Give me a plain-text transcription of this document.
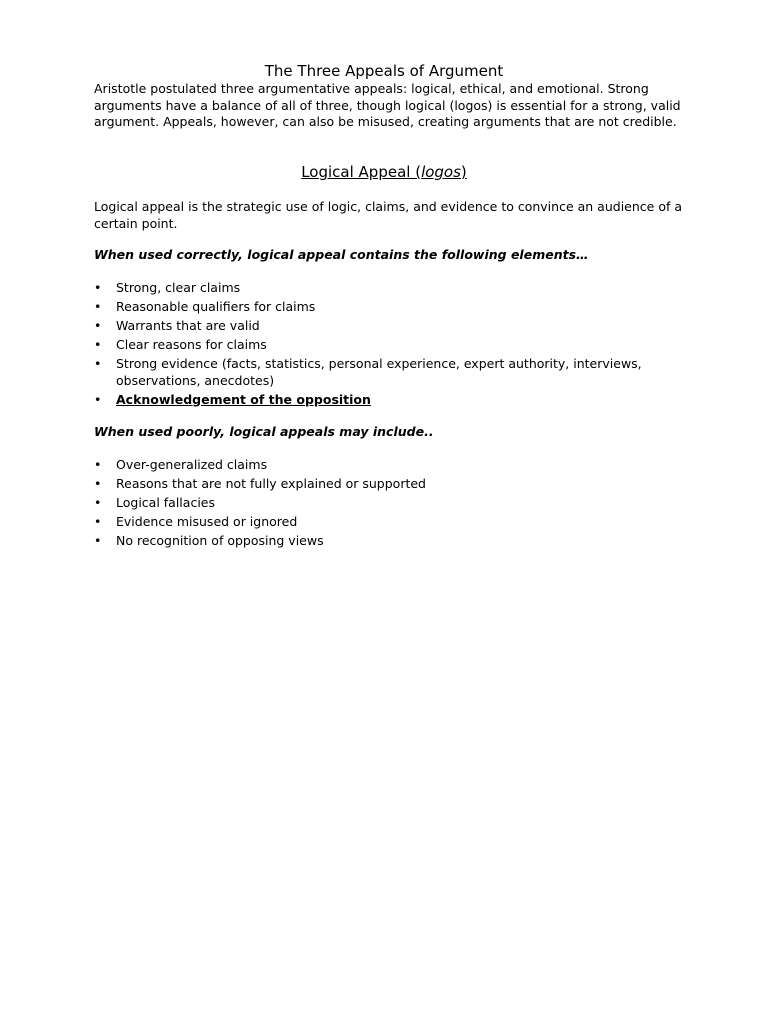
The Three Appeals of Argument

Aristotle postulated three argumentative appeals: logical, ethical, and emotional. Strong arguments have a balance of all of three, though logical (logos) is essential for a strong, valid argument. Appeals, however, can also be misused, creating arguments that are not credible.

Logical Appeal (logos)

Logical appeal is the strategic use of logic, claims, and evidence to convince an audience of a certain point.

When used correctly, logical appeal contains the following elements…
• Strong, clear claims
• Reasonable qualifiers for claims
• Warrants that are valid
• Clear reasons for claims
• Strong evidence (facts, statistics, personal experience, expert authority, interviews, observations, anecdotes)
• Acknowledgement of the opposition
When used poorly, logical appeals may include..
• Over-generalized claims
• Reasons that are not fully explained or supported
• Logical fallacies
• Evidence misused or ignored
• No recognition of opposing views
